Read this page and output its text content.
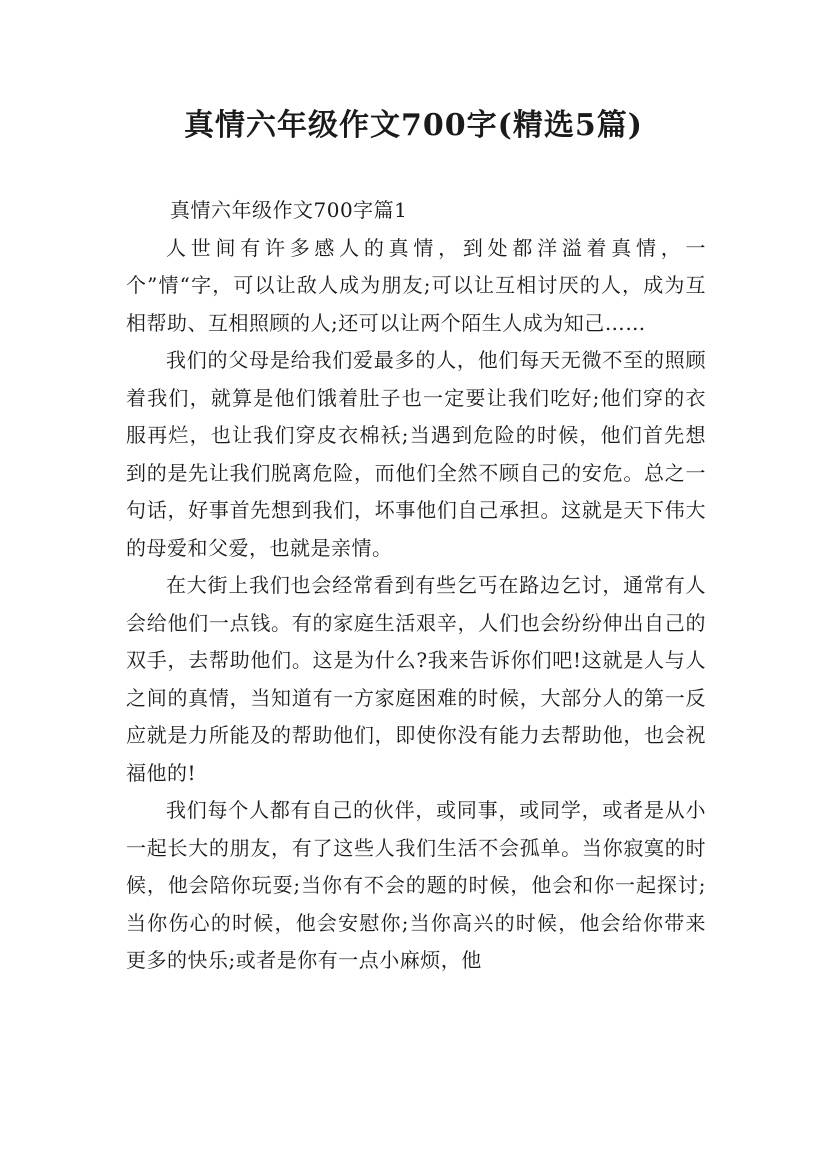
真情六年级作文700字(精选5篇)

真情六年级作文700字篇1

人世间有许多感人的真情，到处都洋溢着真情，一个”情“字，可以让敌人成为朋友;可以让互相讨厌的人，成为互相帮助、互相照顾的人;还可以让两个陌生人成为知己……

我们的父母是给我们爱最多的人，他们每天无微不至的照顾着我们，就算是他们饿着肚子也一定要让我们吃好;他们穿的衣服再烂，也让我们穿皮衣棉袄;当遇到危险的时候，他们首先想到的是先让我们脱离危险，而他们全然不顾自己的安危。总之一句话，好事首先想到我们，坏事他们自己承担。这就是天下伟大的母爱和父爱，也就是亲情。

在大街上我们也会经常看到有些乞丐在路边乞讨，通常有人会给他们一点钱。有的家庭生活艰辛，人们也会纷纷伸出自己的双手，去帮助他们。这是为什么?我来告诉你们吧!这就是人与人之间的真情，当知道有一方家庭困难的时候，大部分人的第一反应就是力所能及的帮助他们，即使你没有能力去帮助他，也会祝福他的!

我们每个人都有自己的伙伴，或同事，或同学，或者是从小一起长大的朋友，有了这些人我们生活不会孤单。当你寂寞的时候，他会陪你玩耍;当你有不会的题的时候，他会和你一起探讨;当你伤心的时候，他会安慰你;当你高兴的时候，他会给你带来更多的快乐;或者是你有一点小麻烦，他
